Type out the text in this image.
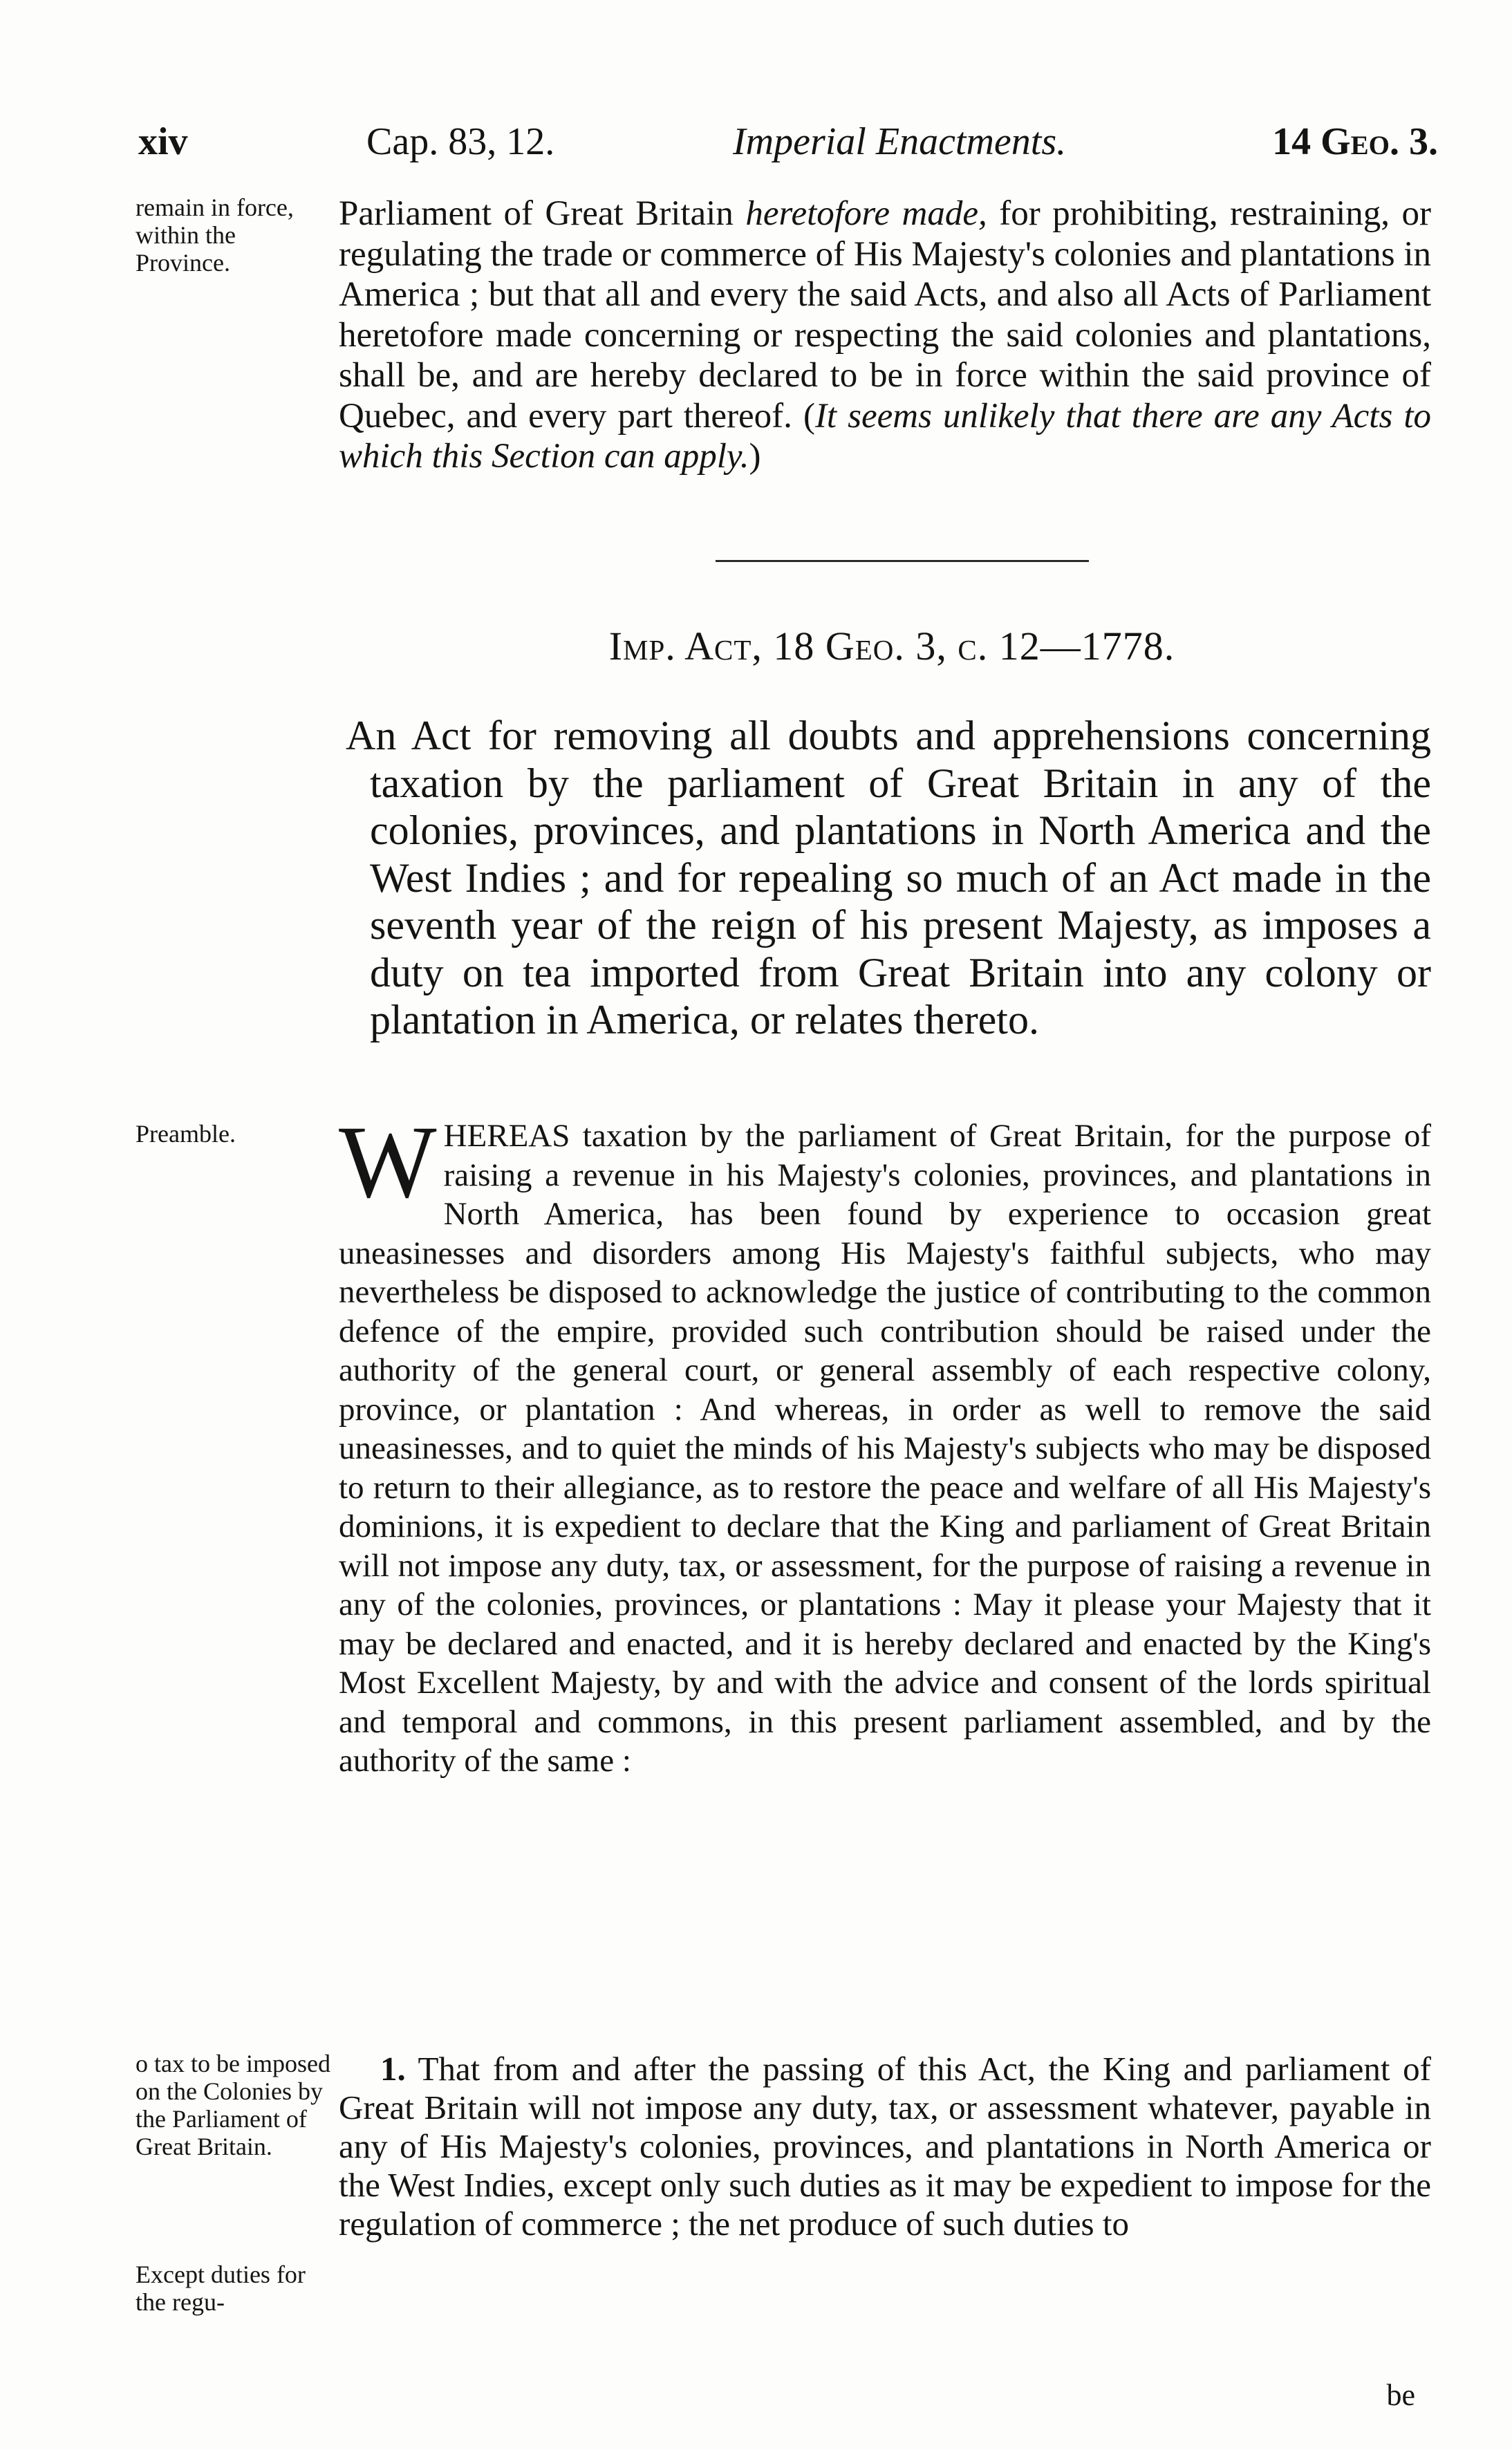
xiv	Cap. 83, 12.	Imperial Enactments.	14 Geo. 3.
remain in force, within the Province.

Parliament of Great Britain heretofore made, for prohibiting, restraining, or regulating the trade or commerce of His Majesty's colonies and plantations in America ; but that all and every the said Acts, and also all Acts of Parliament heretofore made concerning or respecting the said colonies and plantations, shall be, and are hereby declared to be in force within the said province of Quebec, and every part thereof. (It seems unlikely that there are any Acts to which this Section can apply.)

Imp. Act, 18 Geo. 3, c. 12—1778.

An Act for removing all doubts and apprehensions concerning taxation by the parliament of Great Britain in any of the colonies, provinces, and plantations in North America and the West Indies ; and for repealing so much of an Act made in the seventh year of the reign of his present Majesty, as imposes a duty on tea imported from Great Britain into any colony or plantation in America, or relates thereto.

Preamble. WHEREAS taxation by the parliament of Great Britain, for the purpose of raising a revenue in his Majesty's colonies, provinces, and plantations in North America, has been found by experience to occasion great uneasinesses and disorders among His Majesty's faithful subjects, who may nevertheless be disposed to acknowledge the justice of contributing to the common defence of the empire, provided such contribution should be raised under the authority of the general court, or general assembly of each respective colony, province, or plantation : And whereas, in order as well to remove the said uneasinesses, and to quiet the minds of his Majesty's subjects who may be disposed to return to their allegiance, as to restore the peace and welfare of all His Majesty's dominions, it is expedient to declare that the King and parliament of Great Britain will not impose any duty, tax, or assessment, for the purpose of raising a revenue in any of the colonies, provinces, or plantations : May it please your Majesty that it may be declared and enacted, and it is hereby declared and enacted by the King's Most Excellent Majesty, by and with the advice and consent of the lords spiritual and temporal and commons, in this present parliament assembled, and by the authority of the same :

o tax to be imposed on the Colonies by the Parliament of Great Britain.
Except duties for the regu-

1. That from and after the passing of this Act, the King and parliament of Great Britain will not impose any duty, tax, or assessment whatever, payable in any of His Majesty's colonies, provinces, and plantations in North America or the West Indies, except only such duties as it may be expedient to impose for the regulation of commerce ; the net produce of such duties to

be
